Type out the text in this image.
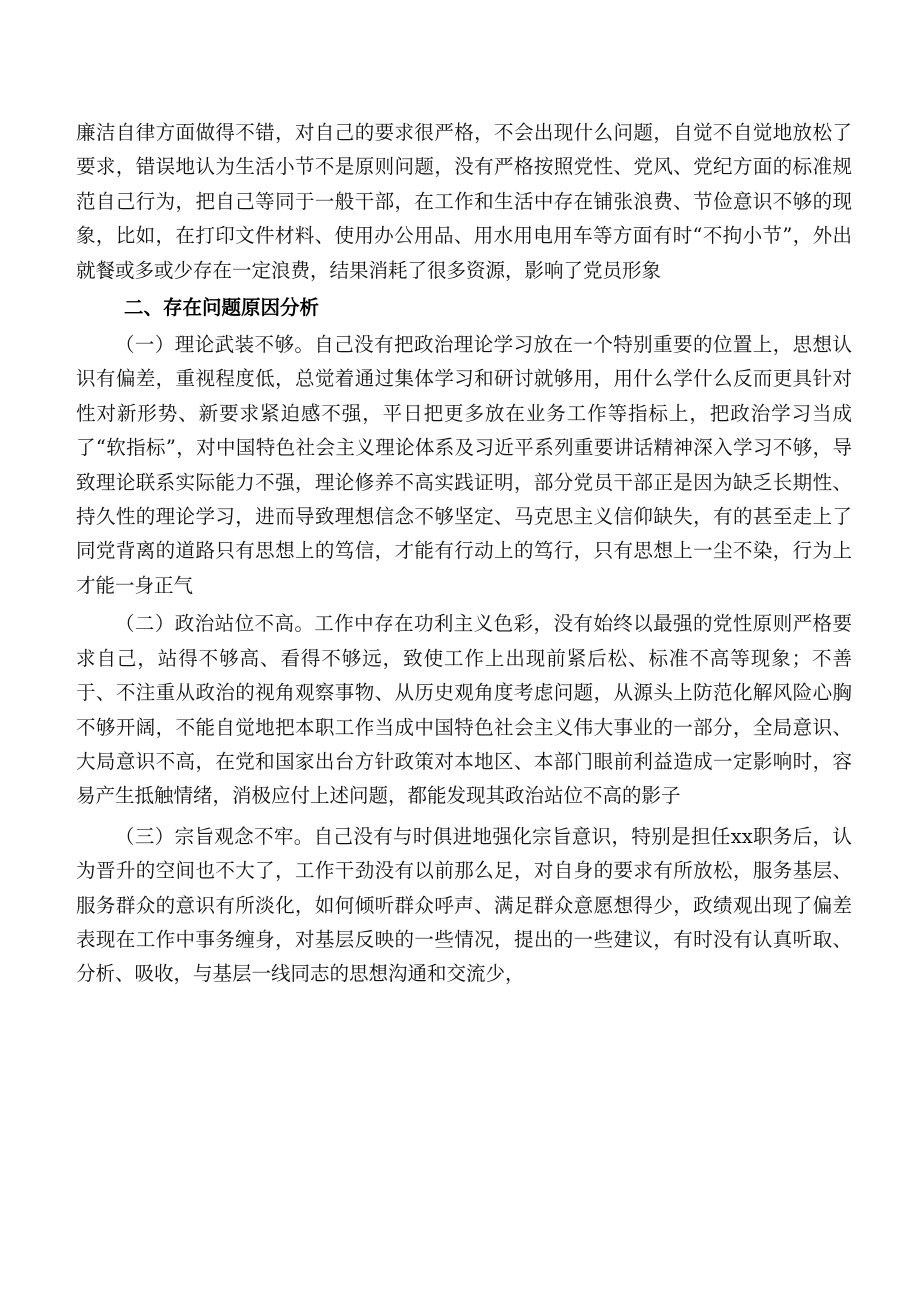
廉洁自律方面做得不错，对自己的要求很严格，不会出现什么问题，自觉不自觉地放松了要求，错误地认为生活小节不是原则问题，没有严格按照党性、党风、党纪方面的标准规范自己行为，把自己等同于一般干部，在工作和生活中存在铺张浪费、节俭意识不够的现象，比如，在打印文件材料、使用办公用品、用水用电用车等方面有时“不拘小节”，外出就餐或多或少存在一定浪费，结果消耗了很多资源，影响了党员形象

二、存在问题原因分析

（一）理论武装不够。自己没有把政治理论学习放在一个特别重要的位置上，思想认识有偏差，重视程度低，总觉着通过集体学习和研讨就够用，用什么学什么反而更具针对性对新形势、新要求紧迫感不强，平日把更多放在业务工作等指标上，把政治学习当成了“软指标”，对中国特色社会主义理论体系及习近平系列重要讲话精神深入学习不够，导致理论联系实际能力不强，理论修养不高实践证明，部分党员干部正是因为缺乏长期性、持久性的理论学习，进而导致理想信念不够坚定、马克思主义信仰缺失，有的甚至走上了同党背离的道路只有思想上的笃信，才能有行动上的笃行，只有思想上一尘不染，行为上才能一身正气

（二）政治站位不高。工作中存在功利主义色彩，没有始终以最强的党性原则严格要求自己，站得不够高、看得不够远，致使工作上出现前紧后松、标准不高等现象；不善于、不注重从政治的视角观察事物、从历史观角度考虑问题，从源头上防范化解风险心胸不够开阔，不能自觉地把本职工作当成中国特色社会主义伟大事业的一部分，全局意识、大局意识不高，在党和国家出台方针政策对本地区、本部门眼前利益造成一定影响时，容易产生抵触情绪，消极应付上述问题，都能发现其政治站位不高的影子

（三）宗旨观念不牢。自己没有与时俱进地强化宗旨意识，特别是担任xx职务后，认为晋升的空间也不大了，工作干劲没有以前那么足，对自身的要求有所放松，服务基层、服务群众的意识有所淡化，如何倾听群众呼声、满足群众意愿想得少，政绩观出现了偏差表现在工作中事务缠身，对基层反映的一些情况，提出的一些建议，有时没有认真听取、分析、吸收，与基层一线同志的思想沟通和交流少，
